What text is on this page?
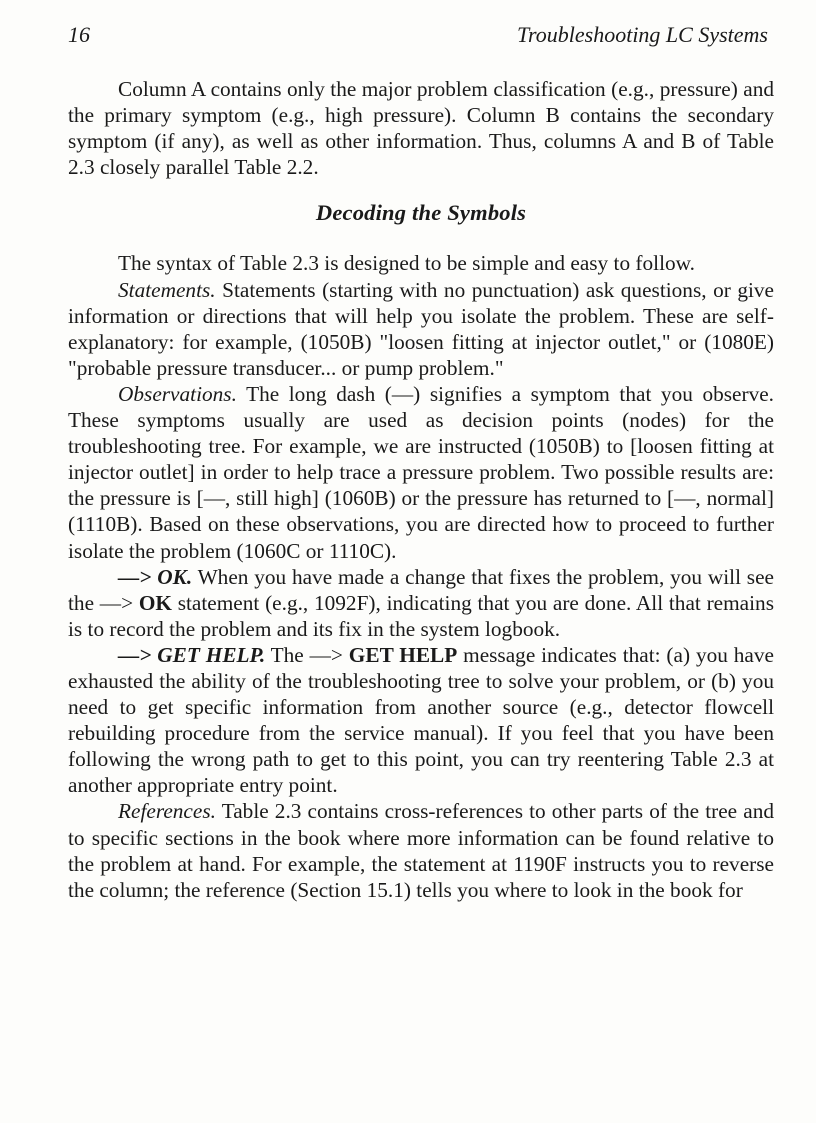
16	Troubleshooting LC Systems

Column A contains only the major problem classification (e.g., pressure) and the primary symptom (e.g., high pressure). Column B contains the secondary symptom (if any), as well as other information. Thus, columns A and B of Table 2.3 closely parallel Table 2.2.

Decoding the Symbols

The syntax of Table 2.3 is designed to be simple and easy to follow.

Statements. Statements (starting with no punctuation) ask questions, or give information or directions that will help you isolate the problem. These are self-explanatory: for example, (1050B) "loosen fitting at injector outlet," or (1080E) "probable pressure transducer... or pump problem."

Observations. The long dash (—) signifies a symptom that you observe. These symptoms usually are used as decision points (nodes) for the troubleshooting tree. For example, we are instructed (1050B) to [loosen fitting at injector outlet] in order to help trace a pressure problem. Two possible results are: the pressure is [—, still high] (1060B) or the pressure has returned to [—, normal] (1110B). Based on these observations, you are directed how to proceed to further isolate the problem (1060C or 1110C).

—> OK. When you have made a change that fixes the problem, you will see the —> OK statement (e.g., 1092F), indicating that you are done. All that remains is to record the problem and its fix in the system logbook.

—> GET HELP. The —> GET HELP message indicates that: (a) you have exhausted the ability of the troubleshooting tree to solve your problem, or (b) you need to get specific information from another source (e.g., detector flowcell rebuilding procedure from the service manual). If you feel that you have been following the wrong path to get to this point, you can try reentering Table 2.3 at another appropriate entry point.

References. Table 2.3 contains cross-references to other parts of the tree and to specific sections in the book where more information can be found relative to the problem at hand. For example, the statement at 1190F instructs you to reverse the column; the reference (Section 15.1) tells you where to look in the book for
